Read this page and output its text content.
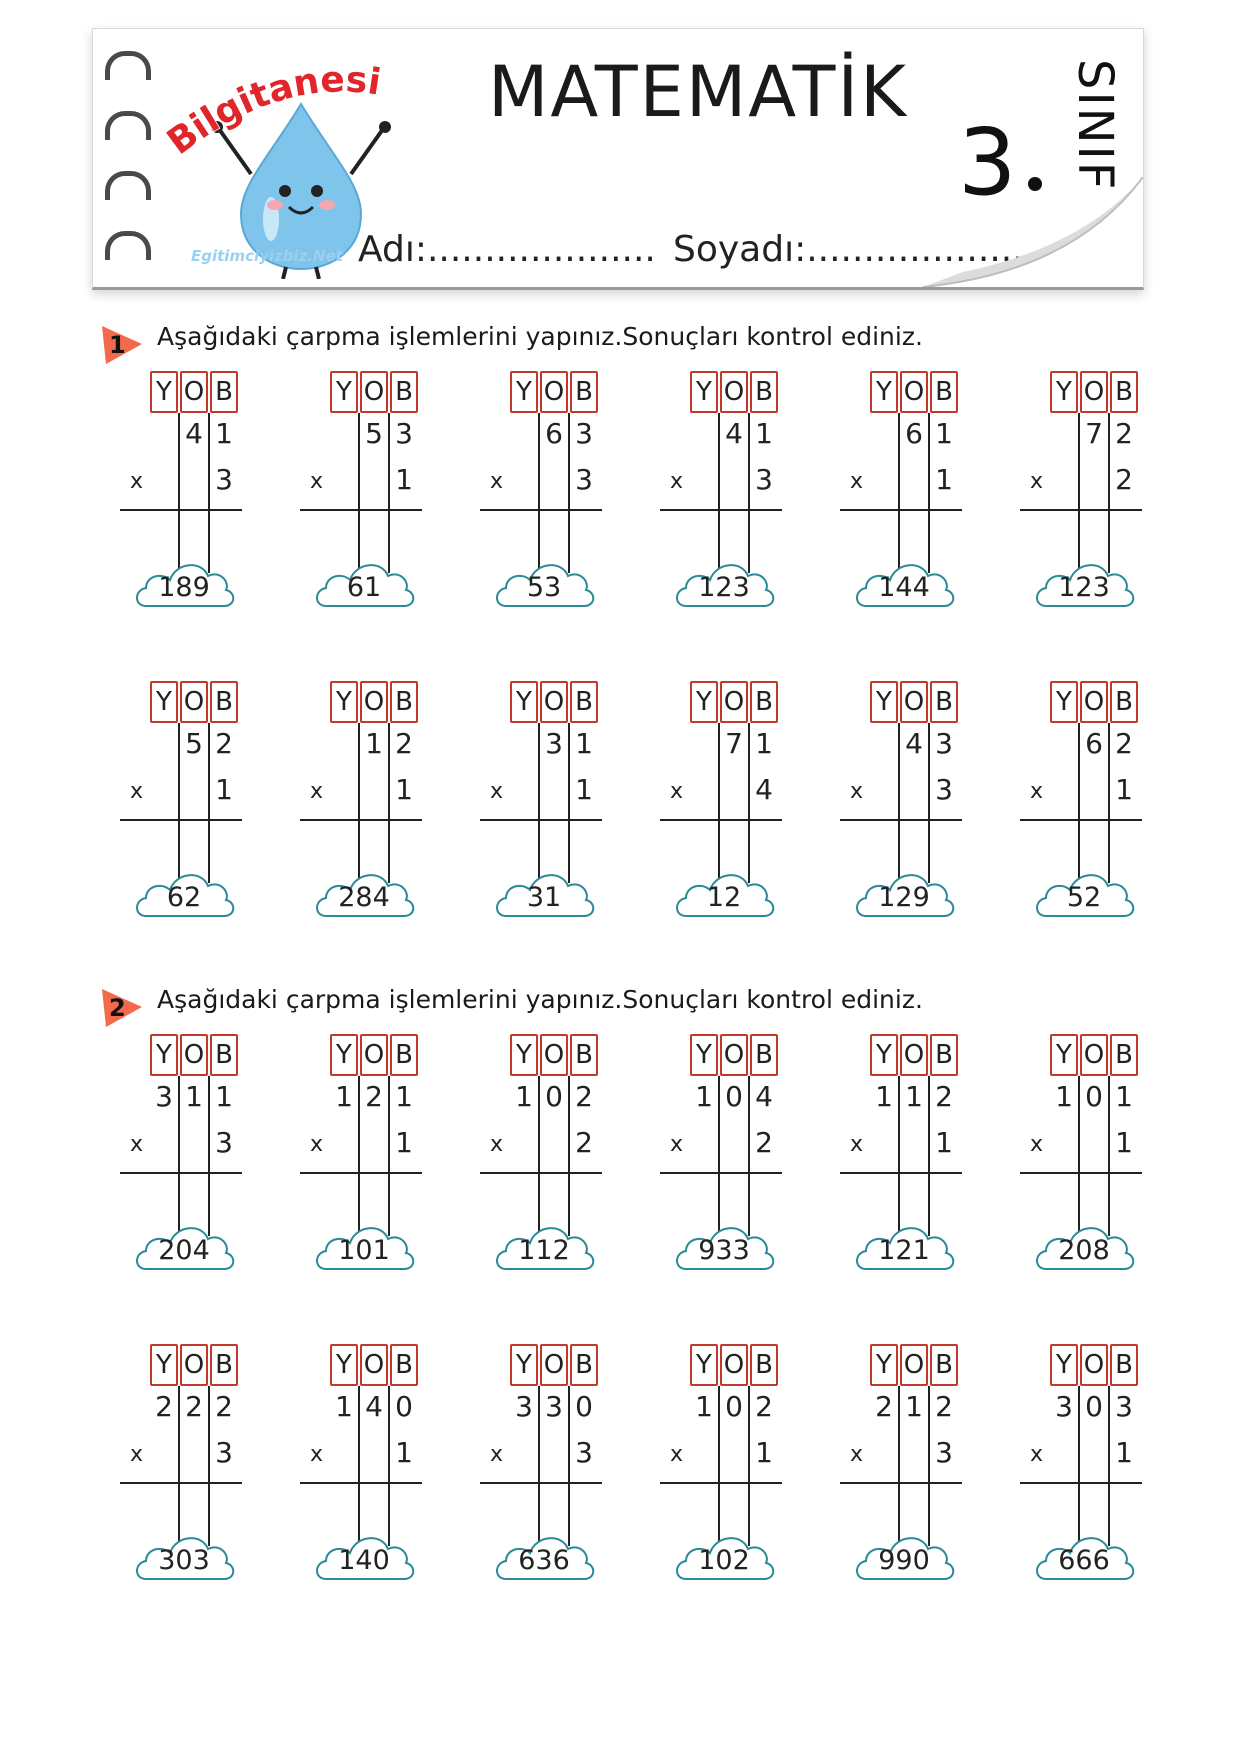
Bilgitanesi
Egitimciyizbiz.Net
MATEMATİK
3 SINIF
Adı:.................... Soyadı:....................
1 Aşağıdaki çarpma işlemlerini yapınız.Sonuçları kontrol ediniz.
Y O B
4 1
x	3
189
Y O B
5 3
x	1
61
Y O B
6 3
x	3
53
Y O B
4 1
x	3
123
Y O B
6 1
x	1
144
Y O B
7 2
x	2
123
Y O B
5 2
x	1
62
Y O B
1 2
x	1
284
Y O B
3 1
x	1
31
Y O B
7 1
x	4
12
Y O B
4 3
x	3
129
Y O B
6 2
x	1
52
2 Aşağıdaki çarpma işlemlerini yapınız.Sonuçları kontrol ediniz.
Y O B
3 1 1
x	3
204
Y O B
1 2 1
x	1
101
Y O B
1 0 2
x	2
112
Y O B
1 0 4
x	2
933
Y O B
1 1 2
x	1
121
Y O B
1 0 1
x	1
208
Y O B
2 2 2
x	3
303
Y O B
1 4 0
x	1
140
Y O B
3 3 0
x	3
636
Y O B
1 0 2
x	1
102
Y O B
2 1 2
x	3
990
Y O B
3 0 3
x	1
666
